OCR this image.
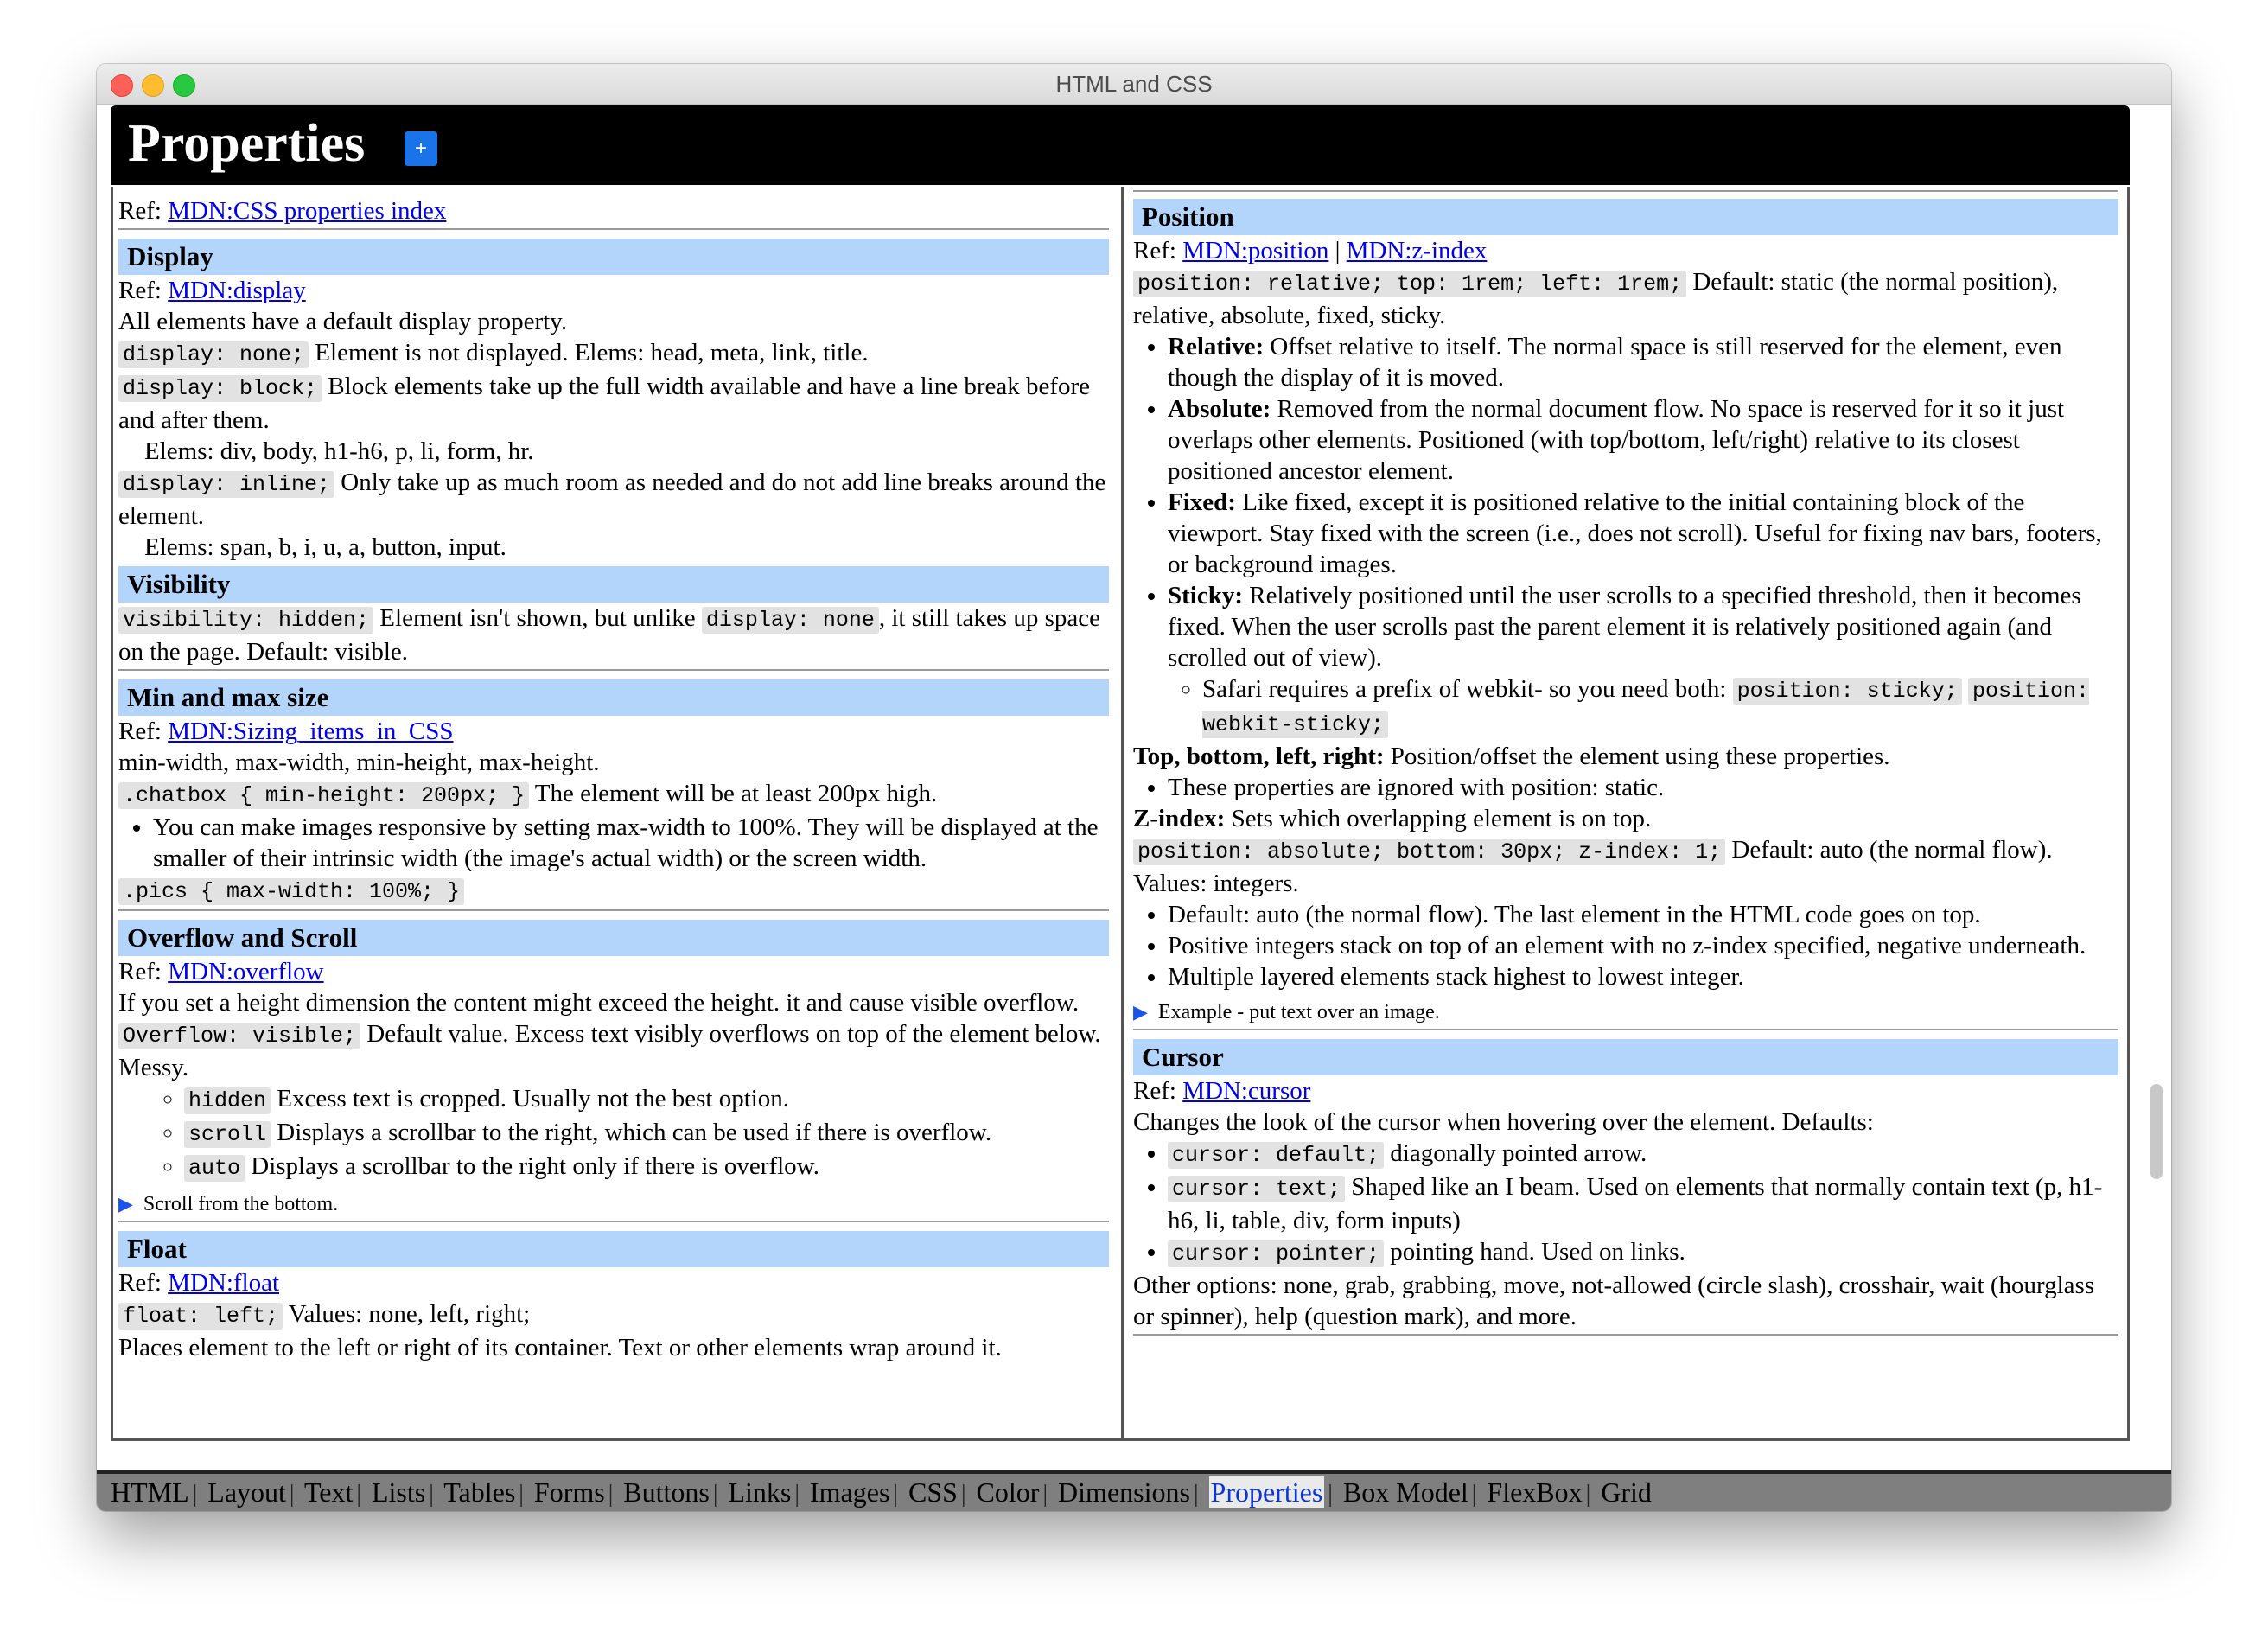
HTML and CSS
Properties	+

Ref: MDN:CSS properties index

Display

Ref: MDN:display

All elements have a default display property.

display: none; Element is not displayed. Elems: head, meta, link, title.

display: block; Block elements take up the full width available and have a line break before and after them.

Elems: div, body, h1-h6, p, li, form, hr.

display: inline; Only take up as much room as needed and do not add line breaks around the element.

Elems: span, b, i, u, a, button, input.

Visibility

visibility: hidden; Element isn't shown, but unlike display: none , it still takes up space on the page. Default: visible.

Min and max size

Ref: MDN:Sizing_items_in_CSS

min-width, max-width, min-height, max-height.

.chatbox { min-height: 200px; } The element will be at least 200px high.

• You can make images responsive by setting max-width to 100%. They will be displayed at the smaller of their intrinsic width (the image's actual width) or the screen width.

.pics { max-width: 100%; }

Overflow and Scroll

Ref: MDN:overflow

If you set a height dimension the content might exceed the height. it and cause visible overflow.

Overflow: visible; Default value. Excess text visibly overflows on top of the element below. Messy.

◦ hidden Excess text is cropped. Usually not the best option.
◦ scroll Displays a scrollbar to the right, which can be used if there is overflow.
◦ auto Displays a scrollbar to the right only if there is overflow.

▶ Scroll from the bottom.

Float

Ref: MDN:float

float: left; Values: none, left, right;

Places element to the left or right of its container. Text or other elements wrap around it.

Position

Ref: MDN:position | MDN:z-index

position: relative; top: 1rem; left: 1rem; Default: static (the normal position), relative, absolute, fixed, sticky.

• Relative: Offset relative to itself. The normal space is still reserved for the element, even though the display of it is moved.
• Absolute: Removed from the normal document flow. No space is reserved for it so it just overlaps other elements. Positioned (with top/bottom, left/right) relative to its closest positioned ancestor element.
• Fixed: Like fixed, except it is positioned relative to the initial containing block of the viewport. Stay fixed with the screen (i.e., does not scroll). Useful for fixing nav bars, footers, or background images.
• Sticky: Relatively positioned until the user scrolls to a specified threshold, then it becomes fixed. When the user scrolls past the parent element it is relatively positioned again (and scrolled out of view).
◦ Safari requires a prefix of webkit- so you need both: position: sticky; position: webkit-sticky;

Top, bottom, left, right: Position/offset the element using these properties.

• These properties are ignored with position: static.

Z-index: Sets which overlapping element is on top.

position: absolute; bottom: 30px; z-index: 1; Default: auto (the normal flow). Values: integers.

• Default: auto (the normal flow). The last element in the HTML code goes on top.
• Positive integers stack on top of an element with no z-index specified, negative underneath.
• Multiple layered elements stack highest to lowest integer.

▶ Example - put text over an image.

Cursor

Ref: MDN:cursor

Changes the look of the cursor when hovering over the element. Defaults:

• cursor: default; diagonally pointed arrow.
• cursor: text; Shaped like an I beam. Used on elements that normally contain text (p, h1-h6, li, table, div, form inputs)
• cursor: pointer; pointing hand. Used on links.

Other options: none, grab, grabbing, move, not-allowed (circle slash), crosshair, wait (hourglass or spinner), help (question mark), and more.

HTML | Layout | Text | Lists | Tables | Forms | Buttons | Links | Images | CSS | Color | Dimensions | Properties | Box Model | FlexBox | Grid
